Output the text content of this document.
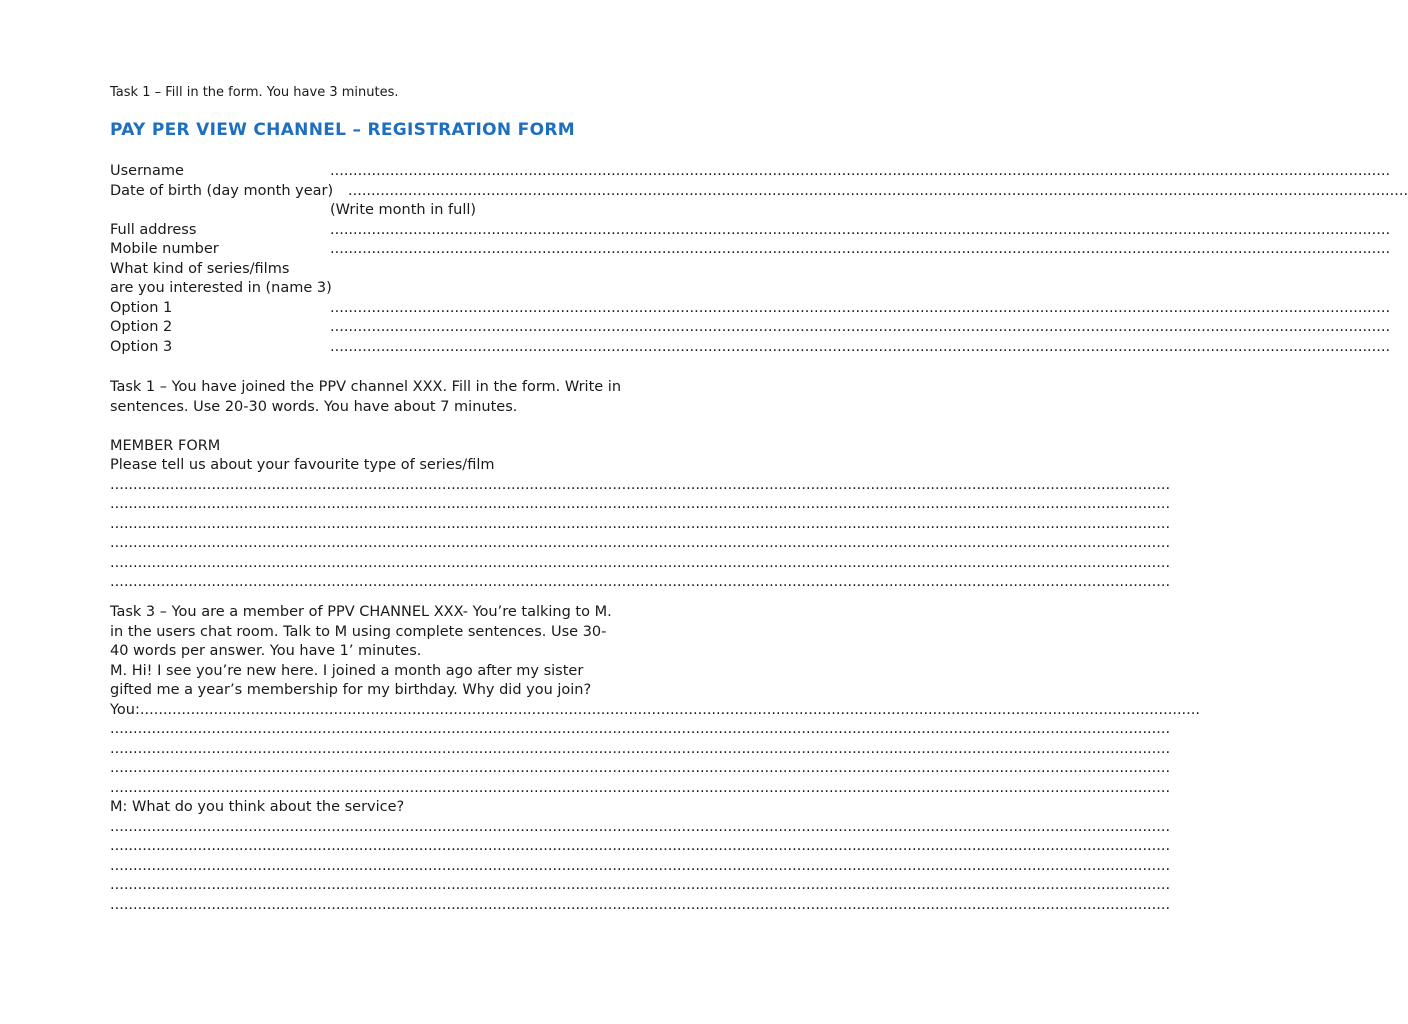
Task 1 – Fill in the form. You have 3 minutes.

PAY PER VIEW CHANNEL – REGISTRATION FORM
Username	......................................................................................................................................................................................................................................
Date of birth (day month year) ......................................................................................................................................................................................................................................
(Write month in full)
Full address	......................................................................................................................................................................................................................................
Mobile number	......................................................................................................................................................................................................................................
What kind of series/films
are you interested in (name 3)
Option 1	......................................................................................................................................................................................................................................
Option 2	......................................................................................................................................................................................................................................
Option 3	......................................................................................................................................................................................................................................

Task 1 – You have joined the PPV channel XXX. Fill in the form. Write in

sentences. Use 20-30 words. You have about 7 minutes.

MEMBER FORM

Please tell us about your favourite type of series/film

......................................................................................................................................................................................................................................
......................................................................................................................................................................................................................................
......................................................................................................................................................................................................................................
......................................................................................................................................................................................................................................
......................................................................................................................................................................................................................................
......................................................................................................................................................................................................................................

Task 3 – You are a member of PPV CHANNEL XXX- You’re talking to M.

in the users chat room. Talk to M using complete sentences. Use 30-

40 words per answer. You have 1’ minutes.

M. Hi! I see you’re new here. I joined a month ago after my sister

gifted me a year’s membership for my birthday. Why did you join?

You: ......................................................................................................................................................................................................................................
......................................................................................................................................................................................................................................
......................................................................................................................................................................................................................................
......................................................................................................................................................................................................................................
......................................................................................................................................................................................................................................

M: What do you think about the service?

......................................................................................................................................................................................................................................
......................................................................................................................................................................................................................................
......................................................................................................................................................................................................................................
......................................................................................................................................................................................................................................
......................................................................................................................................................................................................................................
